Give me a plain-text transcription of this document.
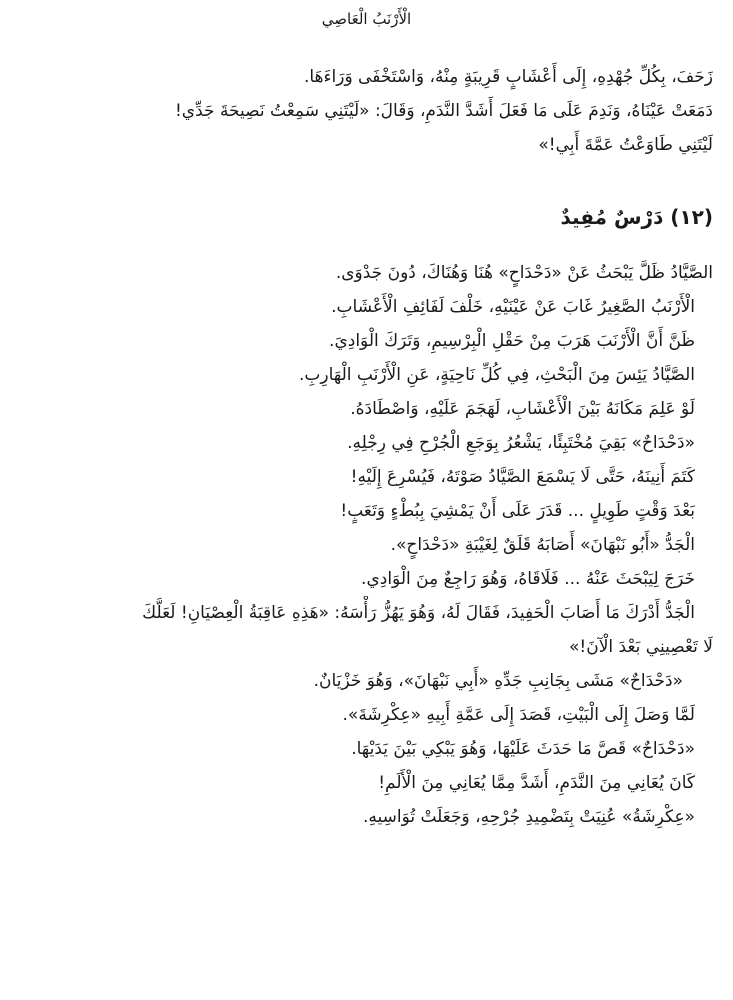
الْأَرْنَبُ الْعَاصِي
زَحَفَ، بِكُلِّ جُهْدِهِ، إِلَى أَعْشَابٍ قَرِيبَةٍ مِنْهُ، وَاسْتَخْفَى وَرَاءَهَا.
دَمَعَتْ عَيْنَاهُ، وَنَدِمَ عَلَى مَا فَعَلَ أَشَدَّ النَّدَمِ، وَقَالَ: «لَيْتَنِي سَمِعْتُ نَصِيحَةَ جَدِّي!
لَيْتَنِي طَاوَعْتُ عَمَّةَ أَبِي!»
(١٢) دَرْسٌ مُفِيدٌ
الصَّيَّادُ ظَلَّ يَبْحَثُ عَنْ «دَحْدَاحٍ» هُنَا وَهُنَاكَ، دُونَ جَدْوَى.
الْأَرْنَبُ الصَّغِيرُ غَابَ عَنْ عَيْنَيْهِ، خَلْفَ لَفَائِفِ الْأَعْشَابِ.
ظَنَّ أَنَّ الْأَرْنَبَ هَرَبَ مِنْ حَقْلِ الْبِرْسِيمِ، وَتَرَكَ الْوَادِيَ.
الصَّيَّادُ يَئِسَ مِنَ الْبَحْثِ، فِي كُلِّ نَاحِيَةٍ، عَنِ الْأَرْنَبِ الْهَارِبِ.
لَوْ عَلِمَ مَكَانَهُ بَيْنَ الْأَعْشَابِ، لَهَجَمَ عَلَيْهِ، وَاصْطَادَهُ.
«دَحْدَاحٌ» بَقِيَ مُخْتَبِئًا، يَشْعُرُ بِوَجَعِ الْجُرْحِ فِي رِجْلِهِ.
كَتَمَ أَنِينَهُ، حَتَّى لَا يَسْمَعَ الصَّيَّادُ صَوْتَهُ، فَيُسْرِعَ إِلَيْهِ!
بَعْدَ وَقْتٍ طَوِيلٍ ... قَدَرَ عَلَى أَنْ يَمْشِيَ بِبُطْءٍ وَتَعَبٍ!
الْجَدُّ «أَبُو نَبْهَانَ» أَصَابَهُ قَلَقٌ لِغَيْبَةِ «دَحْدَاحٍ».
خَرَجَ لِيَبْحَثَ عَنْهُ ... فَلَاقَاهُ، وَهُوَ رَاجِعٌ مِنَ الْوَادِي.
الْجَدُّ أَدْرَكَ مَا أَصَابَ الْحَفِيدَ، فَقَالَ لَهُ، وَهُوَ يَهُزُّ رَأْسَهُ: «هَذِهِ عَاقِبَةُ الْعِصْيَانِ! لَعَلَّكَ
لَا تَعْصِينِي بَعْدَ الْآنَ!»
«دَحْدَاحٌ» مَشَى بِجَانِبِ جَدِّهِ «أَبِي نَبْهَانَ»، وَهُوَ خَزْيَانٌ.
لَمَّا وَصَلَ إِلَى الْبَيْتِ، قَصَدَ إِلَى عَمَّةِ أَبِيهِ «عِكْرِشَةَ».
«دَحْدَاحٌ» قَصَّ مَا حَدَثَ عَلَيْهَا، وَهُوَ يَبْكِي بَيْنَ يَدَيْهَا.
كَانَ يُعَانِي مِنَ النَّدَمِ، أَشَدَّ مِمَّا يُعَانِي مِنَ الْأَلَمِ!
«عِكْرِشَةُ» عُنِيَتْ بِتَضْمِيدِ جُرْحِهِ، وَجَعَلَتْ تُوَاسِيهِ.
